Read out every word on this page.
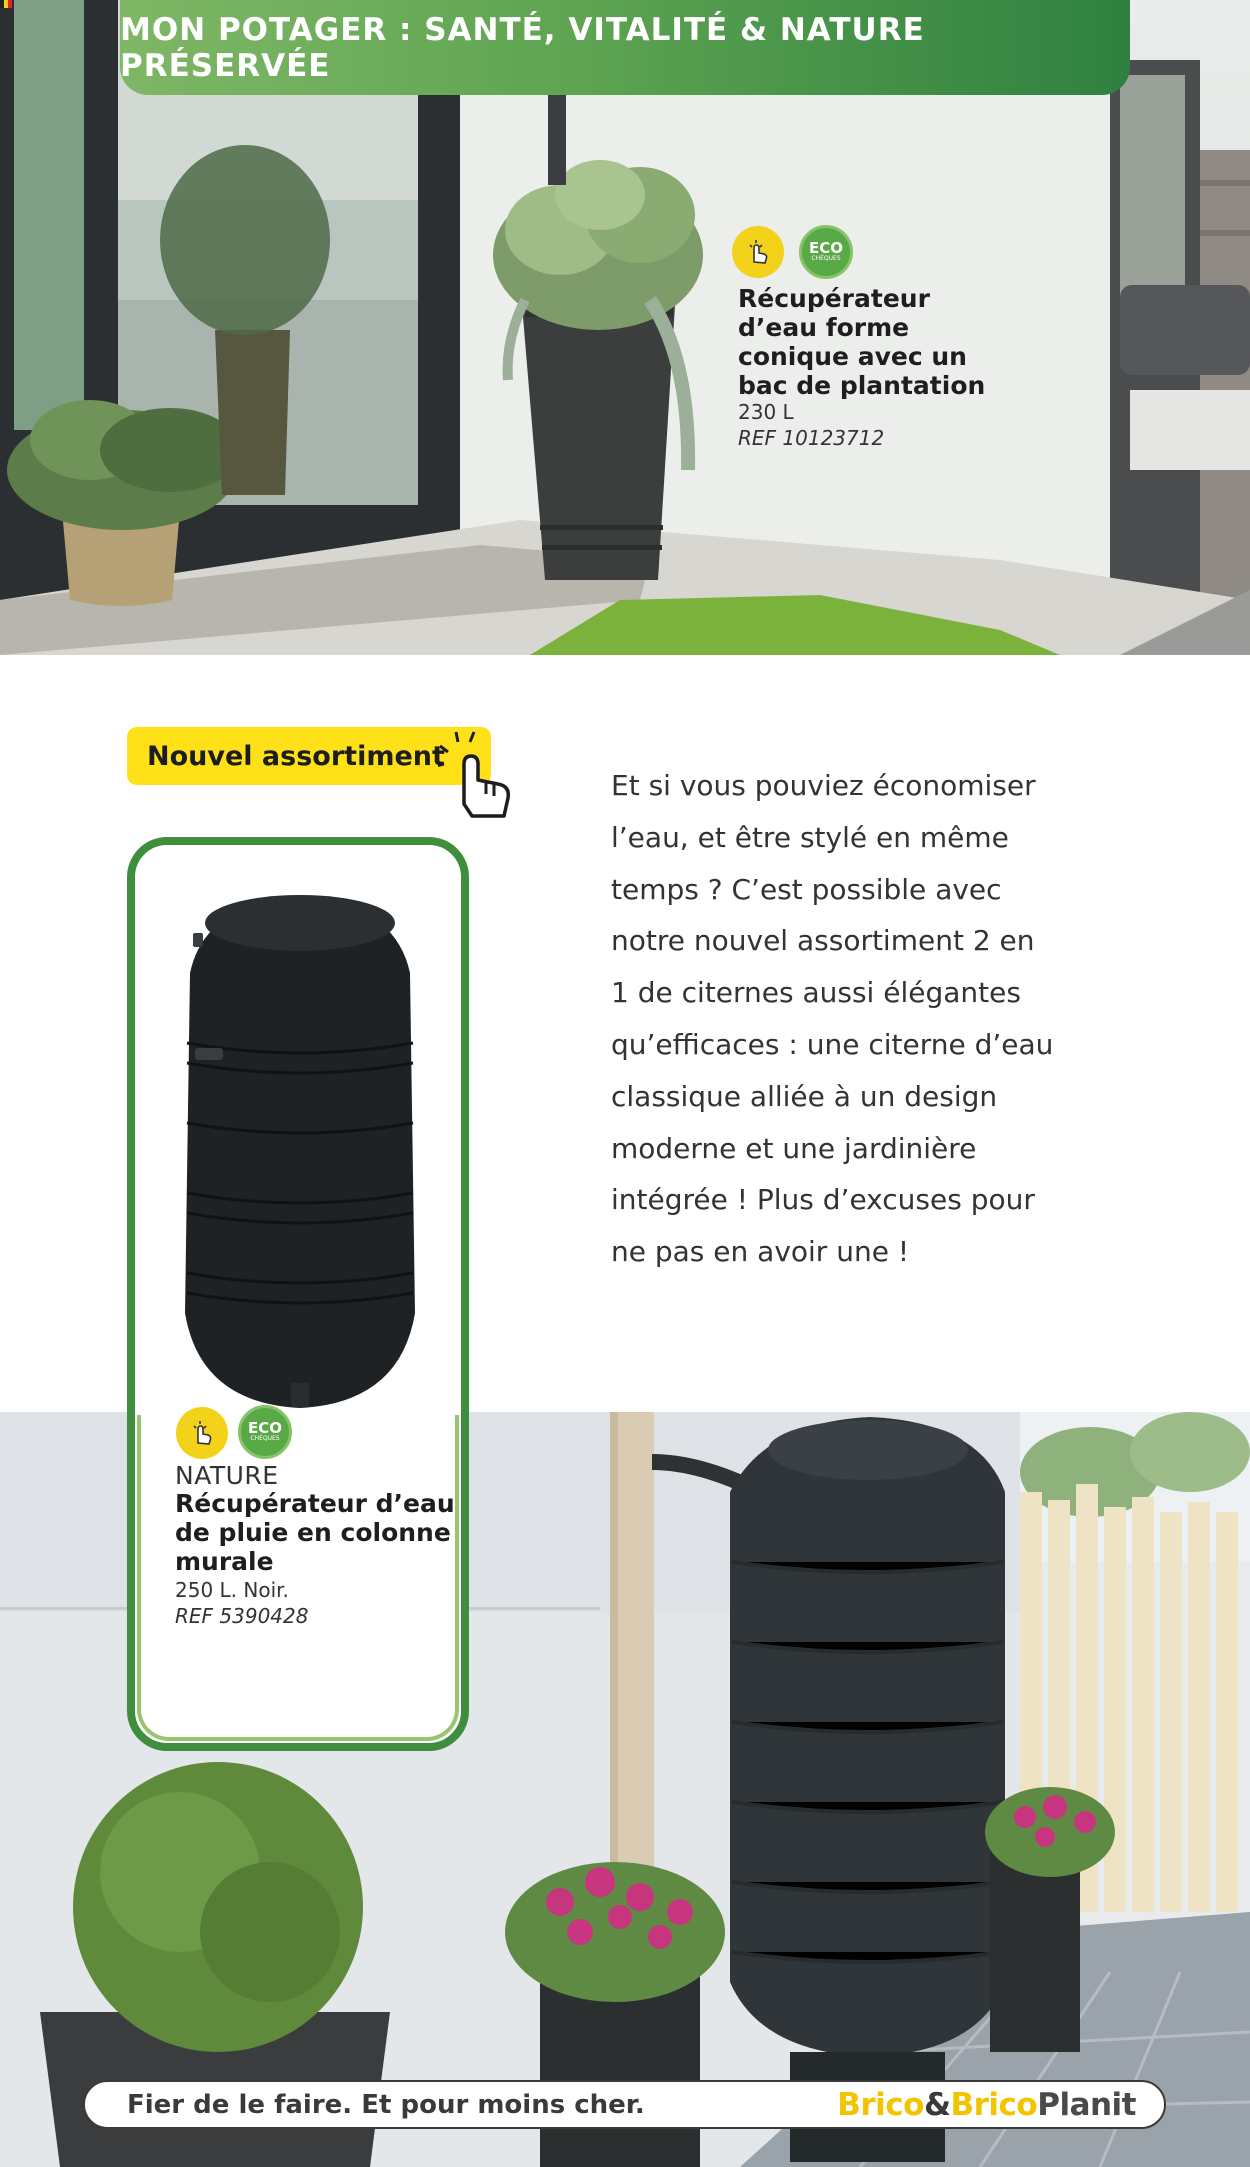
MON POTAGER : SANTÉ, VITALITÉ & NATURE PRÉSERVÉE
ECO
CHÈQUES
Récupérateur
d’eau forme
conique avec un
bac de plantation
230 L
REF 10123712
Nouvel assortiment
Et si vous pouviez économiser
l’eau, et être stylé en même
temps ? C’est possible avec
notre nouvel assortiment 2 en
1 de citernes aussi élégantes
qu’efficaces : une citerne d’eau
classique alliée à un design
moderne et une jardinière
intégrée ! Plus d’excuses pour
ne pas en avoir une !
ECO
CHÈQUES
NATURE
Récupérateur d’eau
de pluie en colonne
murale
250 L. Noir.
REF 5390428
Fier de le faire. Et pour moins cher.	Brico&BricoPlanit
